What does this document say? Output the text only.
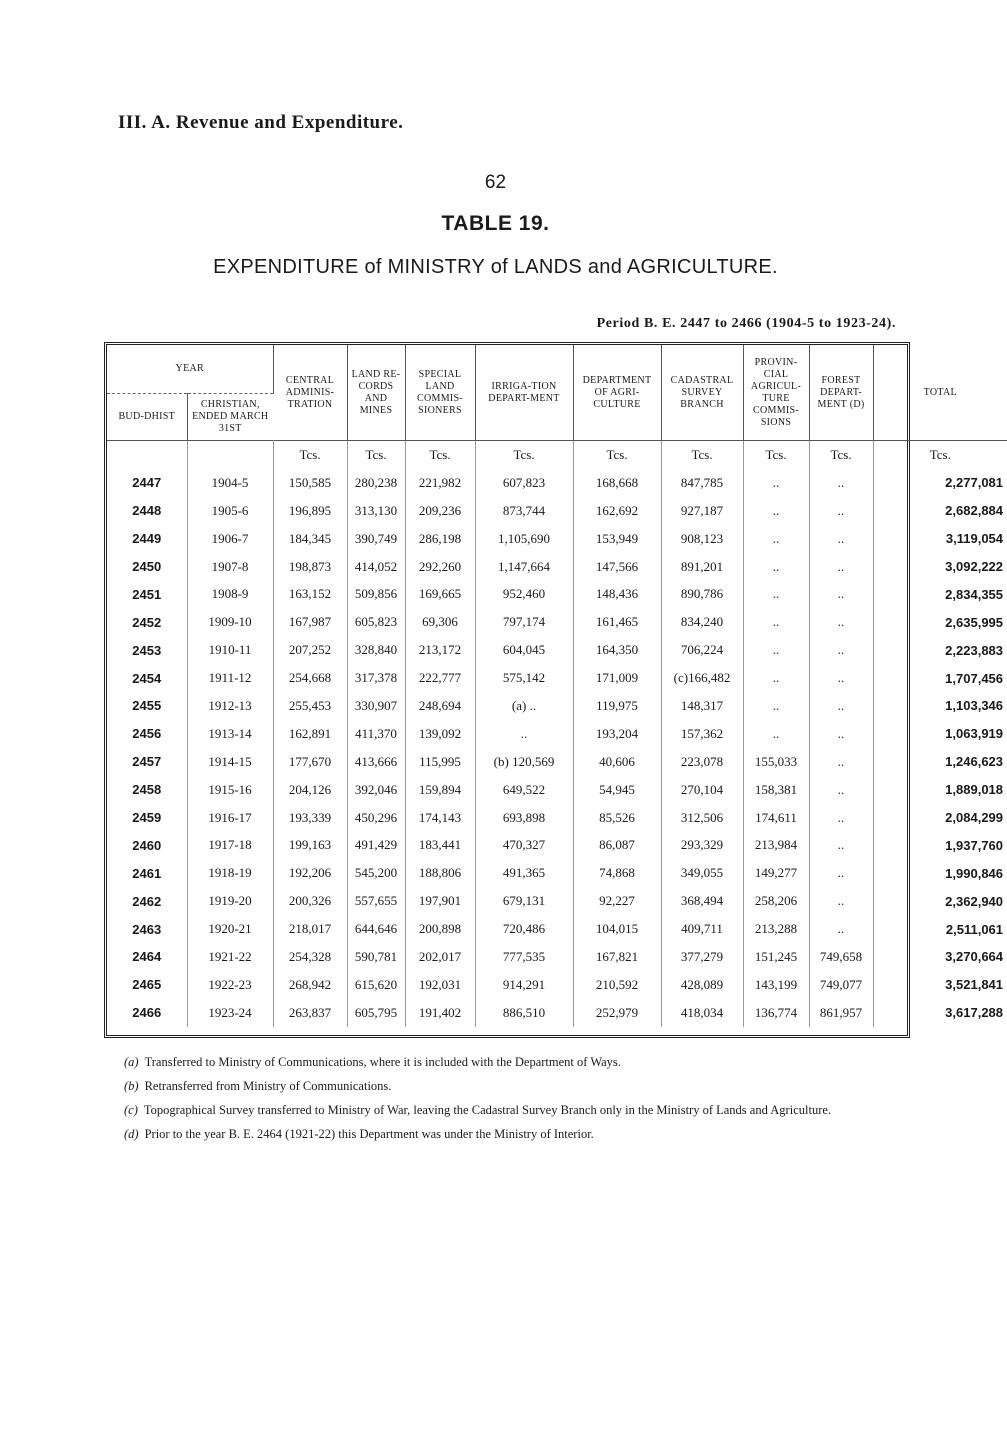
III. A. Revenue and Expenditure.
62
TABLE 19.
EXPENDITURE of MINISTRY of LANDS and AGRICULTURE.
Period B. E. 2447 to 2466 (1904-5 to 1923-24).
YEAR		CENTRAL ADMINIS-TRATION	LAND RE-CORDS AND MINES	SPECIAL LAND COMMIS-SIONERS	IRRIGA-TION DEPART-MENT	DEPARTMENT OF AGRI-CULTURE	CADASTRAL SURVEY BRANCH	PROVIN-CIAL AGRICUL-TURE COMMIS-SIONS	FOREST DEPART-MENT (D)	TOTAL
BUD-DHIST	CHRISTIAN, ENDED MARCH 31ST									
		Tcs.	Tcs.	Tcs.	Tcs.	Tcs.	Tcs.	Tcs.	Tcs.	Tcs.
2447	1904-5	150,585	280,238	221,982	607,823	168,668	847,785	..	..	2,277,081
2448	1905-6	196,895	313,130	209,236	873,744	162,692	927,187	..	..	2,682,884
2449	1906-7	184,345	390,749	286,198	1,105,690	153,949	908,123	..	..	3,119,054
2450	1907-8	198,873	414,052	292,260	1,147,664	147,566	891,201	..	..	3,092,222
2451	1908-9	163,152	509,856	169,665	952,460	148,436	890,786	..	..	2,834,355
2452	1909-10	167,987	605,823	69,306	797,174	161,465	834,240	..	..	2,635,995
2453	1910-11	207,252	328,840	213,172	604,045	164,350	706,224	..	..	2,223,883
2454	1911-12	254,668	317,378	222,777	575,142	171,009	(c)166,482	..	..	1,707,456
2455	1912-13	255,453	330,907	248,694	(a) ..	119,975	148,317	..	..	1,103,346
2456	1913-14	162,891	411,370	139,092	..	193,204	157,362	..	..	1,063,919
2457	1914-15	177,670	413,666	115,995	(b) 120,569	40,606	223,078	155,033	..	1,246,623
2458	1915-16	204,126	392,046	159,894	649,522	54,945	270,104	158,381	..	1,889,018
2459	1916-17	193,339	450,296	174,143	693,898	85,526	312,506	174,611	..	2,084,299
2460	1917-18	199,163	491,429	183,441	470,327	86,087	293,329	213,984	..	1,937,760
2461	1918-19	192,206	545,200	188,806	491,365	74,868	349,055	149,277	..	1,990,846
2462	1919-20	200,326	557,655	197,901	679,131	92,227	368,494	258,206	..	2,362,940
2463	1920-21	218,017	644,646	200,898	720,486	104,015	409,711	213,288	..	2,511,061
2464	1921-22	254,328	590,781	202,017	777,535	167,821	377,279	151,245	749,658	3,270,664
2465	1922-23	268,942	615,620	192,031	914,291	210,592	428,089	143,199	749,077	3,521,841
2466	1923-24	263,837	605,795	191,402	886,510	252,979	418,034	136,774	861,957	3,617,288
(a) Transferred to Ministry of Communications, where it is included with the Department of Ways.
(b) Retransferred from Ministry of Communications.
(c) Topographical Survey transferred to Ministry of War, leaving the Cadastral Survey Branch only in the Ministry of Lands and Agriculture.
(d) Prior to the year B. E. 2464 (1921-22) this Department was under the Ministry of Interior.
